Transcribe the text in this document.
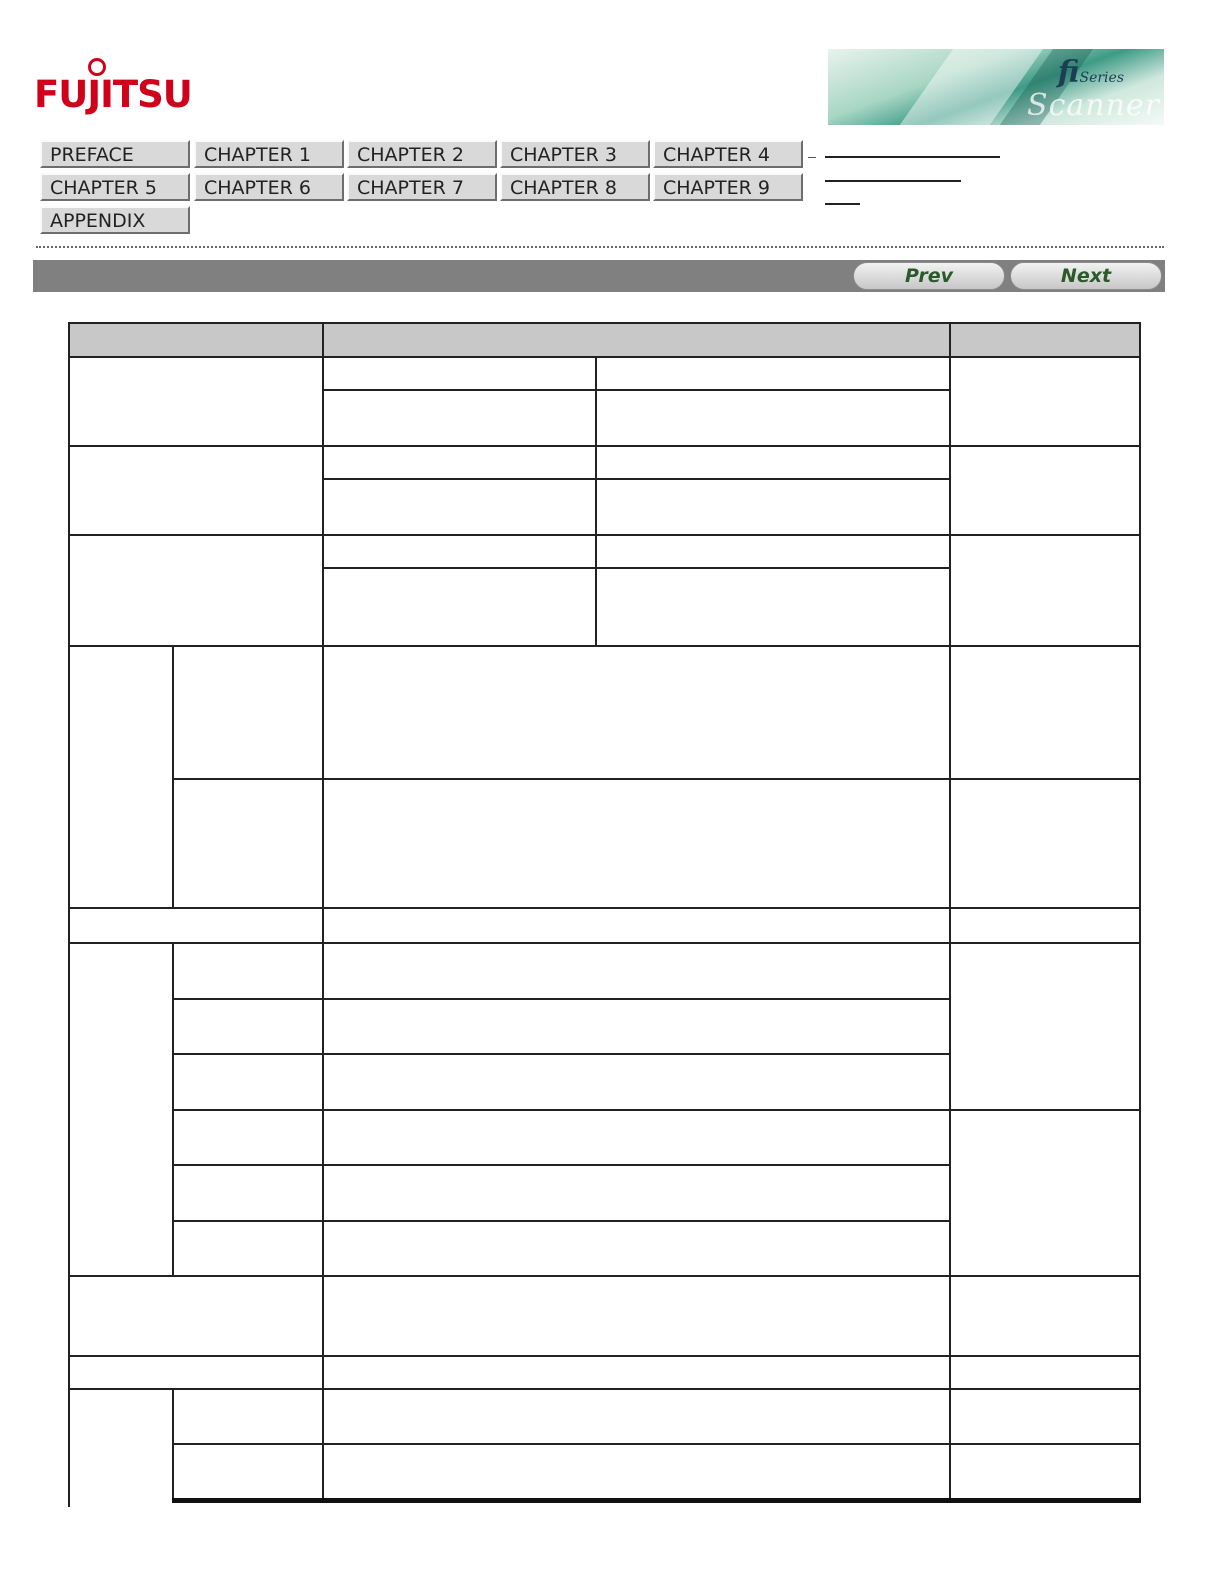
FUJITSU
fiSeries
Scanner
PREFACE	CHAPTER 1 CHAPTER 2 CHAPTER 3 CHAPTER 4
CHAPTER 5 CHAPTER 6 CHAPTER 7 CHAPTER 8 CHAPTER 9
APPENDIX
Prev	Next
